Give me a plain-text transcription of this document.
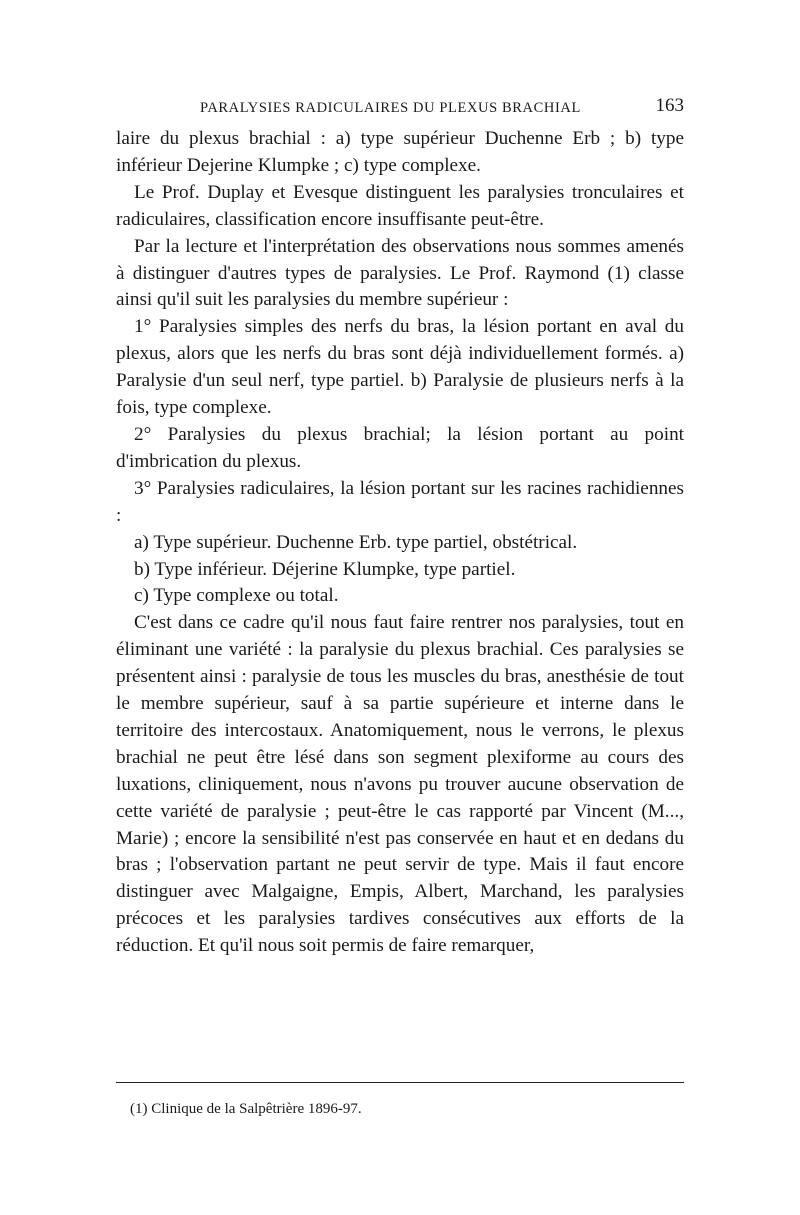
PARALYSIES RADICULAIRES DU PLEXUS BRACHIAL	163

laire du plexus brachial : a) type supérieur Duchenne Erb ; b) type inférieur Dejerine Klumpke ; c) type complexe.

Le Prof. Duplay et Evesque distinguent les paralysies tronculaires et radiculaires, classification encore insuffisante peut-être.

Par la lecture et l'interprétation des observations nous sommes amenés à distinguer d'autres types de paralysies. Le Prof. Raymond (1) classe ainsi qu'il suit les paralysies du membre supérieur :

1° Paralysies simples des nerfs du bras, la lésion portant en aval du plexus, alors que les nerfs du bras sont déjà individuellement formés. a) Paralysie d'un seul nerf, type partiel. b) Paralysie de plusieurs nerfs à la fois, type complexe.

2° Paralysies du plexus brachial; la lésion portant au point d'imbrication du plexus.

3° Paralysies radiculaires, la lésion portant sur les racines rachidiennes :

a) Type supérieur. Duchenne Erb. type partiel, obstétrical.

b) Type inférieur. Déjerine Klumpke, type partiel.

c) Type complexe ou total.

C'est dans ce cadre qu'il nous faut faire rentrer nos paralysies, tout en éliminant une variété : la paralysie du plexus brachial. Ces paralysies se présentent ainsi : paralysie de tous les muscles du bras, anesthésie de tout le membre supérieur, sauf à sa partie supérieure et interne dans le territoire des intercostaux. Anatomiquement, nous le verrons, le plexus brachial ne peut être lésé dans son segment plexiforme au cours des luxations, cliniquement, nous n'avons pu trouver aucune observation de cette variété de paralysie ; peut-être le cas rapporté par Vincent (M..., Marie) ; encore la sensibilité n'est pas conservée en haut et en dedans du bras ; l'observation partant ne peut servir de type. Mais il faut encore distinguer avec Malgaigne, Empis, Albert, Marchand, les paralysies précoces et les paralysies tardives consécutives aux efforts de la réduction. Et qu'il nous soit permis de faire remarquer,

(1) Clinique de la Salpêtrière 1896-97.
